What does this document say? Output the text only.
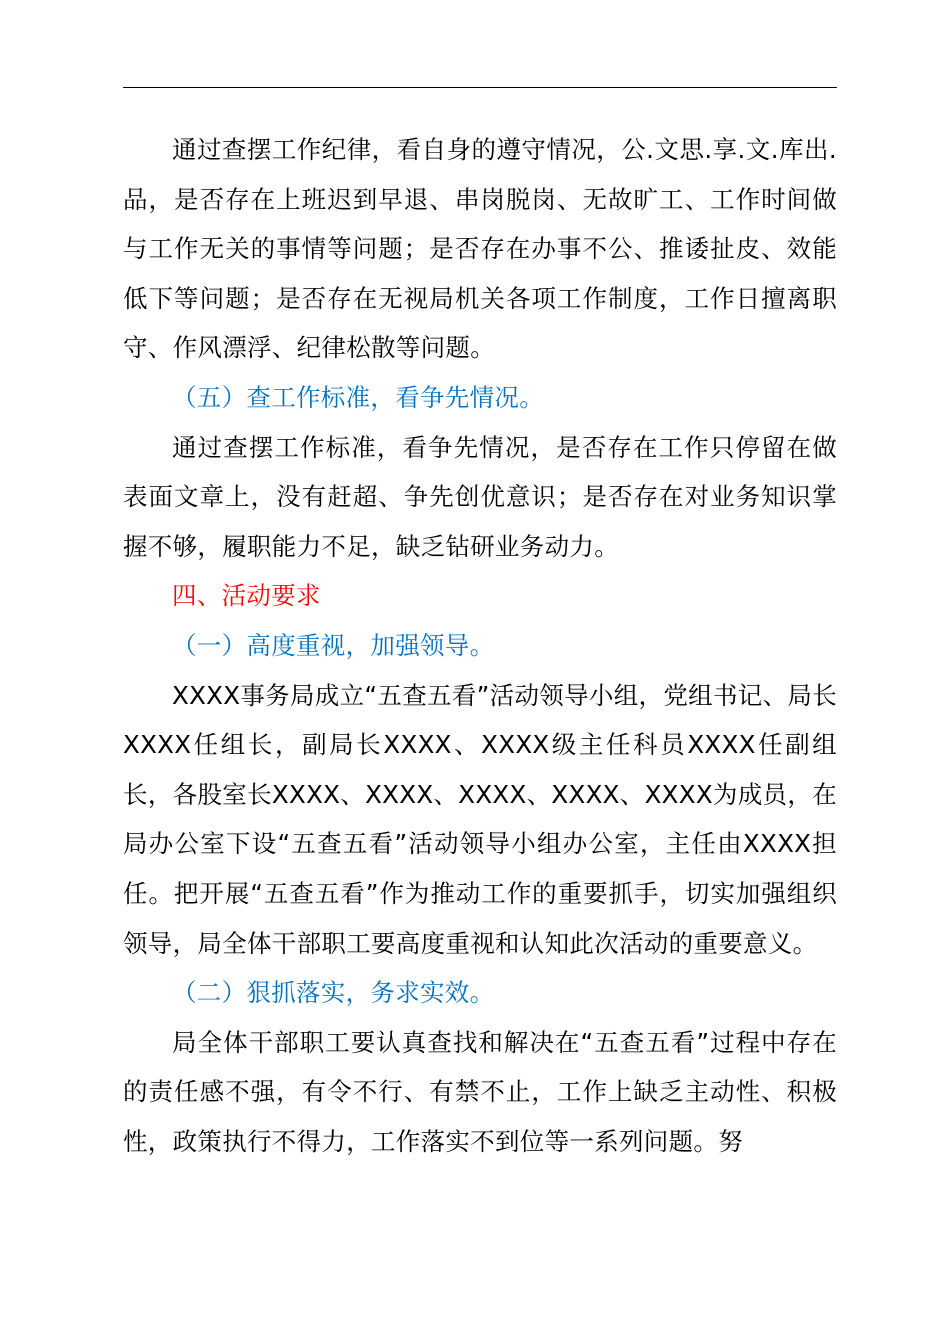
通过查摆工作纪律，看自身的遵守情况，公.文思.享.文.库出.品，是否存在上班迟到早退、串岗脱岗、无故旷工、工作时间做与工作无关的事情等问题；是否存在办事不公、推诿扯皮、效能低下等问题；是否存在无视局机关各项工作制度，工作日擅离职守、作风漂浮、纪律松散等问题。

（五）查工作标准，看争先情况。

通过查摆工作标准，看争先情况，是否存在工作只停留在做表面文章上，没有赶超、争先创优意识；是否存在对业务知识掌握不够，履职能力不足，缺乏钻研业务动力。

四、活动要求

（一）高度重视，加强领导。

XXXX事务局成立“五查五看”活动领导小组，党组书记、局长XXXX任组长，副局长XXXX、XXXX级主任科员XXXX任副组长，各股室长XXXX、XXXX、XXXX、XXXX、XXXX为成员，在局办公室下设“五查五看”活动领导小组办公室，主任由XXXX担任。把开展“五查五看”作为推动工作的重要抓手，切实加强组织领导，局全体干部职工要高度重视和认知此次活动的重要意义。

（二）狠抓落实，务求实效。

局全体干部职工要认真查找和解决在“五查五看”过程中存在的责任感不强，有令不行、有禁不止，工作上缺乏主动性、积极性，政策执行不得力，工作落实不到位等一系列问题。努
